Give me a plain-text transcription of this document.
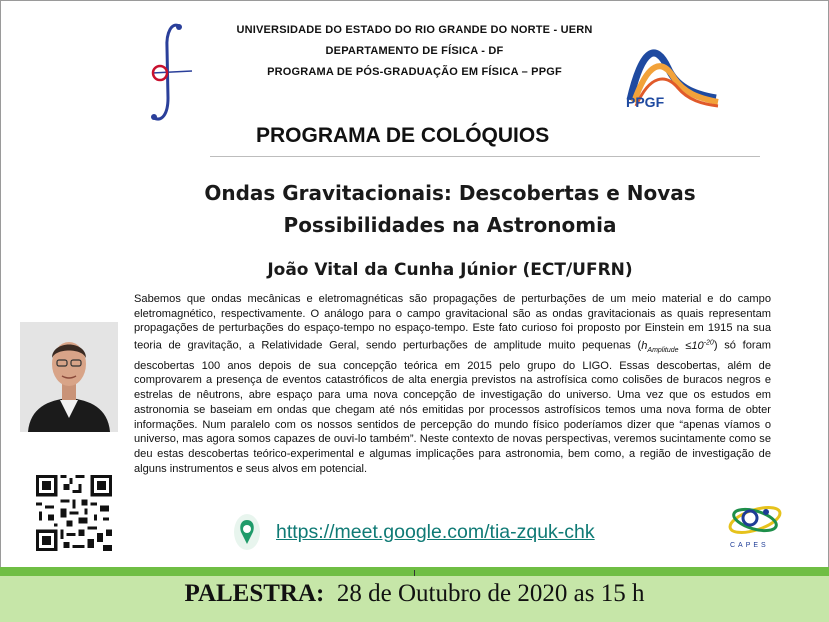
UNIVERSIDADE DO ESTADO DO RIO GRANDE DO NORTE - UERN
DEPARTAMENTO DE FÍSICA - DF
PROGRAMA DE PÓS-GRADUAÇÃO EM FÍSICA – PPGF
PPGF
PROGRAMA DE COLÓQUIOS
Ondas Gravitacionais: Descobertas e Novas
Possibilidades na Astronomia
João Vital da Cunha Júnior (ECT/UFRN)
Sabemos que ondas mecânicas e eletromagnéticas são propagações de perturbações de um meio material e do campo eletromagnético, respectivamente. O análogo para o campo gravitacional são as ondas gravitacionais as quais representam propagações de perturbações do espaço-tempo no espaço-tempo. Este fato curioso foi proposto por Einstein em 1915 na sua teoria de gravitação, a Relatividade Geral, sendo perturbações de amplitude muito pequenas $(h_{Amplitude} \le 10^{-20})$ só foram descobertas 100 anos depois de sua concepção teórica em 2015 pelo grupo do LIGO. Essas descobertas, além de comprovarem a presença de eventos catastróficos de alta energia previstos na astrofísica como colisões de buracos negros e estrelas de nêutrons, abre espaço para uma nova concepção de investigação do universo. Uma vez que os estudos em astronomia se baseiam em ondas que chegam até nós emitidas por processos astrofísicos temos uma nova forma de obter informações. Num paralelo com os nossos sentidos de percepção do mundo físico poderíamos dizer que “apenas víamos o universo, mas agora somos capazes de ouvi-lo também”. Neste contexto de novas perspectivas, veremos sucintamente como se deu estas descobertas teórico-experimental e algumas implicações para astronomia, bem como, a região de investigação de alguns instrumentos e seus alvos em potencial.
https://meet.google.com/tia-zquk-chk
CAPES
PALESTRA: 28 de Outubro de 2020 as 15 h
